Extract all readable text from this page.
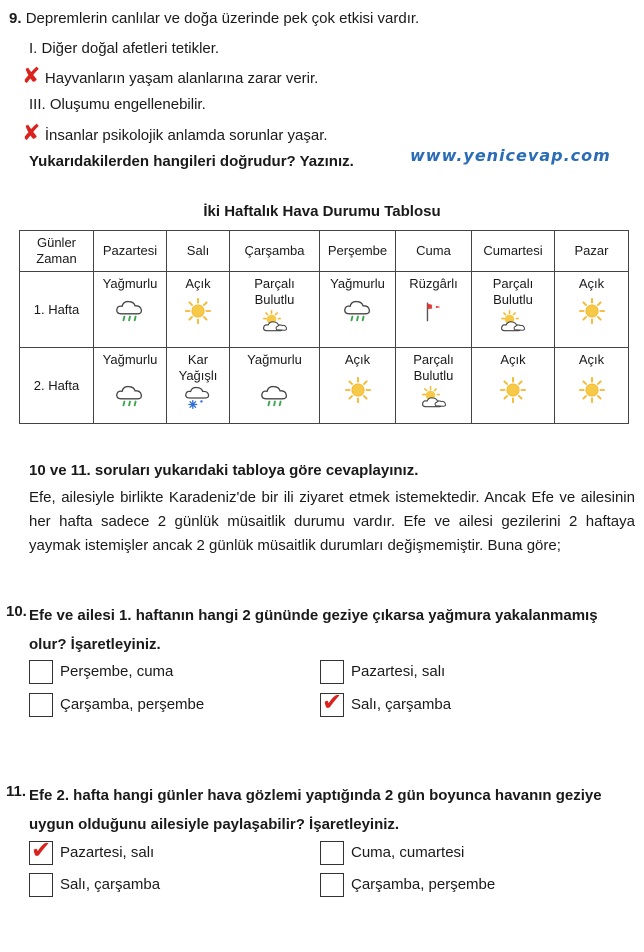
9. Depremlerin canlılar ve doğa üzerinde pek çok etkisi vardır.
I. Diğer doğal afetleri tetikler.
✘ Hayvanların yaşam alanlarına zarar verir.
III. Oluşumu engellenebilir.
✘ İnsanlar psikolojik anlamda sorunlar yaşar.
Yukarıdakilerden hangileri doğrudur? Yazınız.	www.yenicevap.com
İki Haftalık Hava Durumu Tablosu
Günler
Zaman	Pazartesi	Salı	Çarşamba	Perşembe	Cuma	Cumartesi	Pazar
1. Hafta	Yağmurlu	Açık	Parçalı Bulutlu	Yağmurlu	Rüzgârlı	Parçalı Bulutlu	Açık

2. Hafta	Yağmurlu	Kar Yağışlı	Yağmurlu	Açık	Parçalı Bulutlu	Açık	Açık
10 ve 11. soruları yukarıdaki tabloya göre cevaplayınız.
Efe, ailesiyle birlikte Karadeniz'de bir ili ziyaret etmek istemektedir. Ancak Efe ve ailesinin her hafta sadece 2 günlük müsaitlik durumu vardır. Efe ve ailesi gezilerini 2 haftaya yaymak istemişler ancak 2 günlük müsaitlik durumları değişmemiştir. Buna göre;
10. Efe ve ailesi 1. haftanın hangi 2 gününde geziye çıkarsa yağmura yakalanmamış olur? İşaretleyiniz.
Perşembe, cuma	Pazartesi, salı
Çarşamba, perşembe	✔ Salı, çarşamba
11. Efe 2. hafta hangi günler hava gözlemi yaptığında 2 gün boyunca havanın geziye uygun olduğunu ailesiyle paylaşabilir? İşaretleyiniz.
✔ Pazartesi, salı	Cuma, cumartesi
Salı, çarşamba	Çarşamba, perşembe
